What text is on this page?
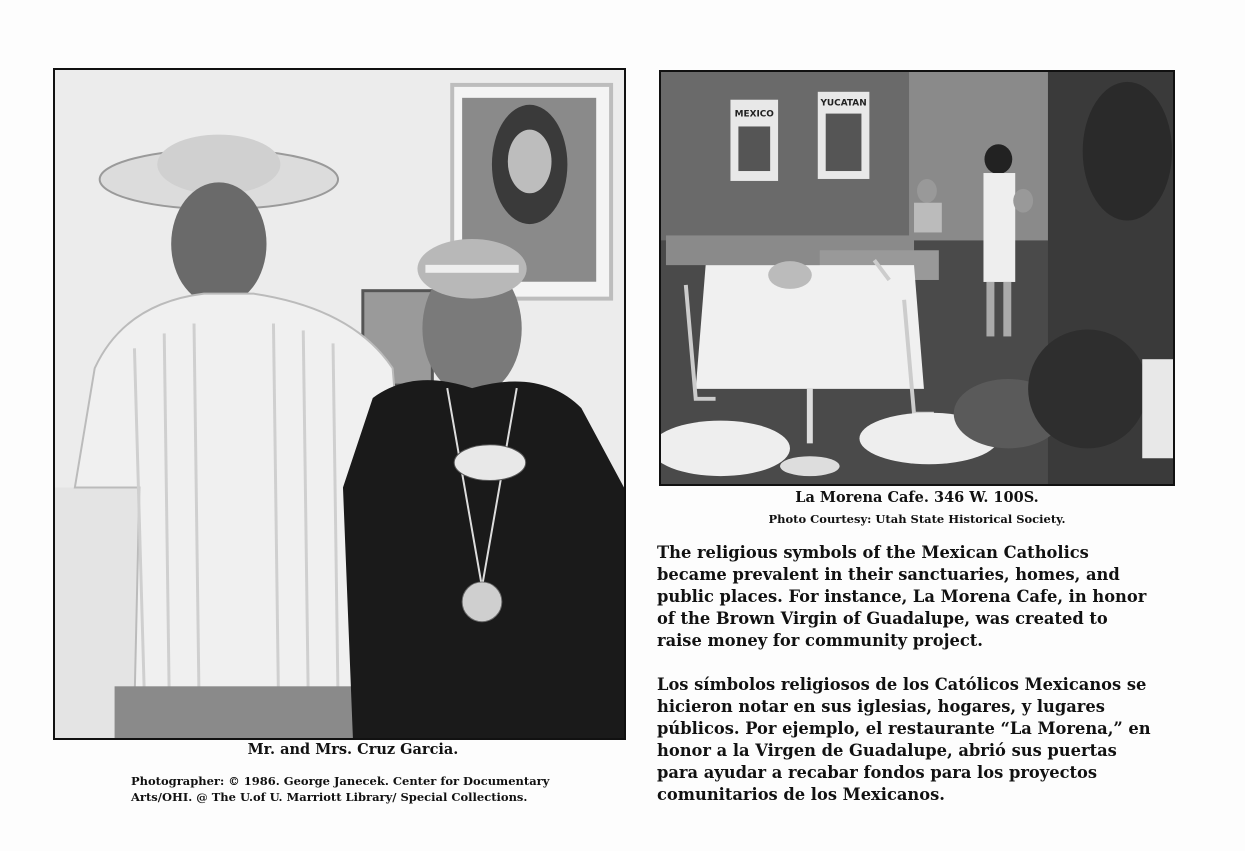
Mr. and Mrs. Cruz Garcia.
Photographer: © 1986. George Janecek. Center for Documentary
Arts/OHI. @ The U.of U. Marriott Library/ Special Collections.
MEXICO
YUCATAN
La Morena Cafe. 346 W. 100S.
Photo Courtesy: Utah State Historical Society.
The religious symbols of the Mexican Catholics
became prevalent in their sanctuaries, homes, and
public places. For instance, La Morena Cafe, in honor
of the Brown Virgin of Guadalupe, was created to
raise money for community project.
Los símbolos religiosos de los Católicos Mexicanos se
hicieron notar en sus iglesias, hogares, y lugares
públicos. Por ejemplo, el restaurante “La Morena,” en
honor a la Virgen de Guadalupe, abrió sus puertas
para ayudar a recabar fondos para los proyectos
comunitarios de los Mexicanos.
